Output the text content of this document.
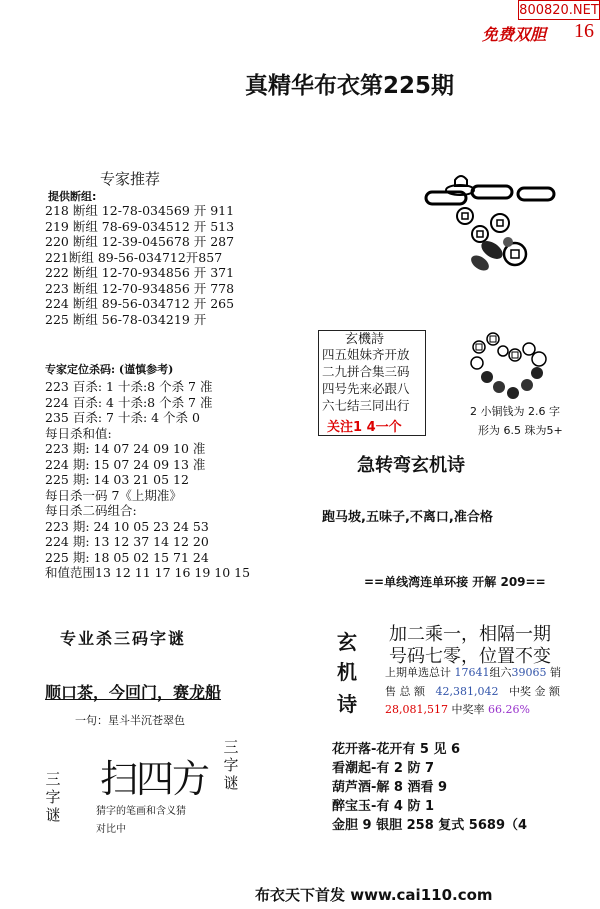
800820.NET
免费双胆 16
真精华布衣第225期
专家推荐
提供断组:
218 断组 12-78-034569 开 911
219 断组 78-69-034512 开 513
220 断组 12-39-045678 开 287
221断组 89-56-034712开857
222 断组 12-70-934856 开 371
223 断组 12-70-934856 开 778
224 断组 89-56-034712 开 265
225 断组 56-78-034219 开
专家定位杀码: (谨慎参考)
223 百杀: 1 十杀:8 个杀 7 准
224 百杀: 4 十杀:8 个杀 7 准
235 百杀: 7 十杀: 4 个杀 0
每日杀和值:
223 期: 14 07 24 09 10 准
224 期: 15 07 24 09 13 准
225 期: 14 03 21 05 12
每日杀一码 7《上期准》
每日杀二码组合:
223 期: 24 10 05 23 24 53
224 期: 13 12 37 14 12 20
225 期: 18 05 02 15 71 24
和值范围13 12 11 17 16 19 10 15
专业杀三码字谜
顺口茶，今回门，赛龙船
一句：星斗半沉苍翠色
扫四方
三字谜
三字谜
猜字的笔画和含义猜
对比中
玄機詩
四五姐妹齐开放
二九拼合集三码
四号先来必跟八
六七结三同出行
关注1 4一个
2 小铜钱为 2.6 字
形为 6.5 珠为5+
急转弯玄机诗
跑马坡,五味子,不离口,准合格
==单线湾连单环接 开解 209==
玄
机
诗
加二乘一，相隔一期
号码七零，位置不变
上期单选总计 17641组六39065 销
售 总 额 42,381,042 中奖 金 额
28,081,517 中奖率 66.26%
花开落-花开有 5 见 6
看潮起-有 2 防 7
葫芦酒-解 8 酒看 9
醉宝玉-有 4 防 1
金胆 9 银胆 258 复式 5689（4
布衣天下首发 www.cai110.com
